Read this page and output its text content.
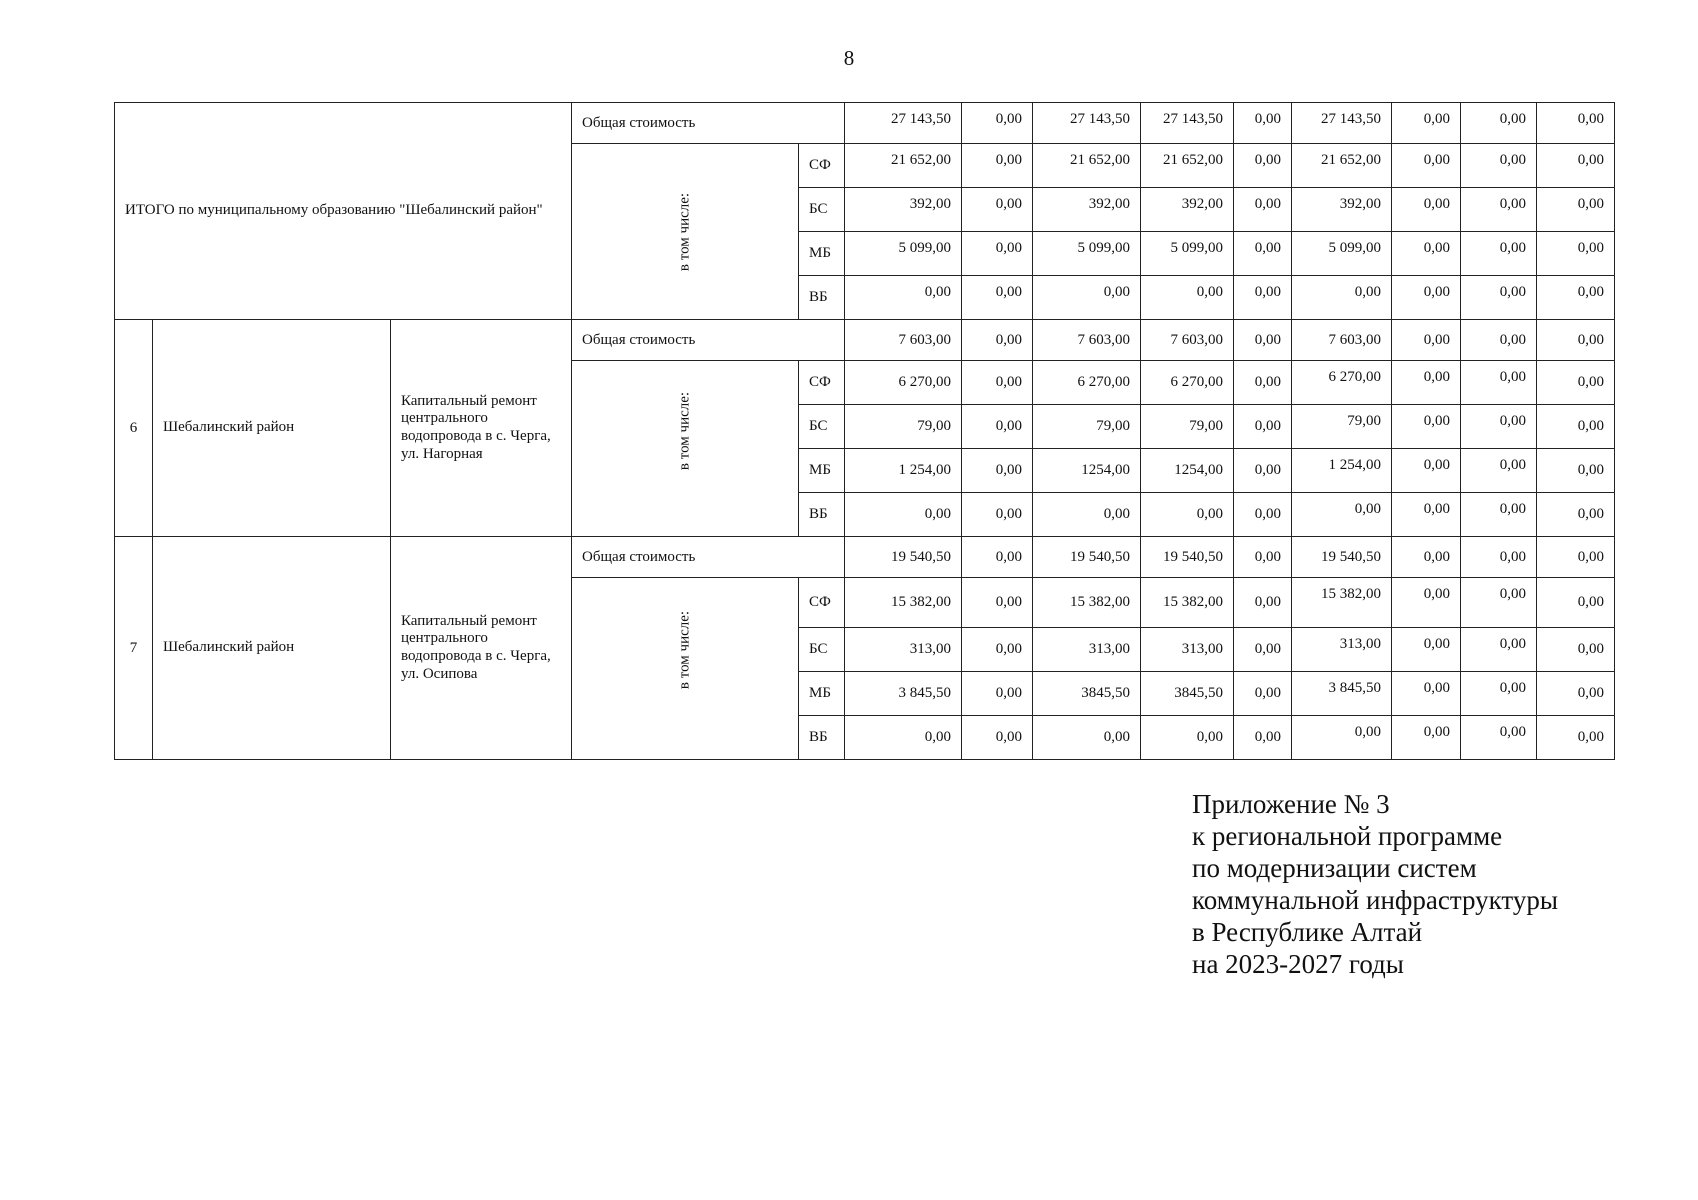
8
ИТОГО по муниципальному образованию "Шебалинский район"			Общая стоимость		27 143,50	0,00	27 143,50	27 143,50	0,00	27 143,50	0,00	0,00	0,00

			в том числе:	СФ	21 652,00	0,00	21 652,00	21 652,00	0,00	21 652,00	0,00	0,00	0,00
				БС	392,00	0,00	392,00	392,00	0,00	392,00	0,00	0,00	0,00
				МБ	5 099,00	0,00	5 099,00	5 099,00	0,00	5 099,00	0,00	0,00	0,00
				ВБ	0,00	0,00	0,00	0,00	0,00	0,00	0,00	0,00	0,00
6	Шебалинский район	Капитальный ремонт центрального водопровода в с. Черга, ул. Нагорная	Общая стоимость		7 603,00	0,00	7 603,00	7 603,00	0,00	7 603,00	0,00	0,00	0,00

			в том числе:	СФ	6 270,00	0,00	6 270,00	6 270,00	0,00	6 270,00	0,00	0,00	0,00
				БС	79,00	0,00	79,00	79,00	0,00	79,00	0,00	0,00	0,00
				МБ	1 254,00	0,00	1254,00	1254,00	0,00	1 254,00	0,00	0,00	0,00
				ВБ	0,00	0,00	0,00	0,00	0,00	0,00	0,00	0,00	0,00
7	Шебалинский район	Капитальный ремонт центрального водопровода в с. Черга, ул. Осипова	Общая стоимость		19 540,50	0,00	19 540,50	19 540,50	0,00	19 540,50	0,00	0,00	0,00

			в том числе:	СФ	15 382,00	0,00	15 382,00	15 382,00	0,00	15 382,00	0,00	0,00	0,00
				БС	313,00	0,00	313,00	313,00	0,00	313,00	0,00	0,00	0,00
				МБ	3 845,50	0,00	3845,50	3845,50	0,00	3 845,50	0,00	0,00	0,00
				ВБ	0,00	0,00	0,00	0,00	0,00	0,00	0,00	0,00	0,00
Приложение № 3
к региональной программе
по модернизации систем
коммунальной инфраструктуры
в Республике Алтай
на 2023-2027 годы
